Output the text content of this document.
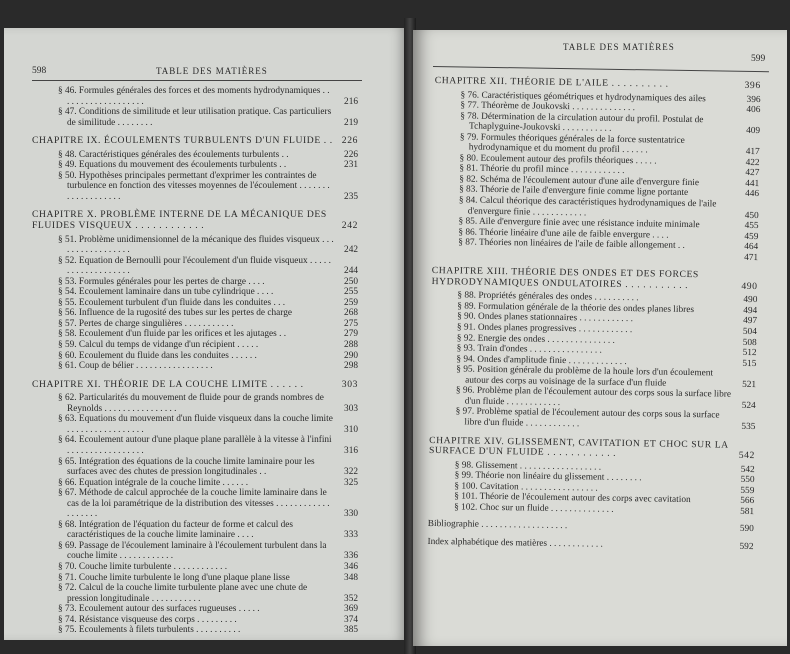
598	TABLE DES MATIÈRES
§ 46. Formules générales des forces et des moments hydrodynamiques . . . . . . . . . . . . . . . . . . .	216
§ 47. Conditions de similitude et leur utilisation pratique. Cas particuliers de similitude . . . . . . . .	219
CHAPITRE IX. ÉCOULEMENTS TURBULENTS D'UN FLUIDE . . 226
§ 48. Caractéristiques générales des écoulements turbulents . .	226
§ 49. Equations du mouvement des écoulements turbulents . .	231
§ 50. Hypothèses principales permettant d'exprimer les contraintes de turbulence en fonction des vitesses moyennes de l'écoulement . . . . . . . . . . . . . . . . . . .	235
CHAPITRE X. PROBLÈME INTERNE DE LA MÉCANIQUE DES FLUIDES VISQUEUX . . . . . . . . . . . .	242
§ 51. Problème unidimensionnel de la mécanique des fluides visqueux . . . . . . . . . . . . . . . . .	242
§ 52. Equation de Bernoulli pour l'écoulement d'un fluide visqueux . . . . . . . . . . . . . . . . . . .	244
§ 53. Formules générales pour les pertes de charge . . . .	250
§ 54. Ecoulement laminaire dans un tube cylindrique . . . .	255
§ 55. Ecoulement turbulent d'un fluide dans les conduites . . .	259
§ 56. Influence de la rugosité des tubes sur les pertes de charge	268
§ 57. Pertes de charge singulières . . . . . . . . . . .	275
§ 58. Ecoulement d'un fluide par les orifices et les ajutages . .	279
§ 59. Calcul du temps de vidange d'un récipient . . . . .	288
§ 60. Ecoulement du fluide dans les conduites . . . . . .	290
§ 61. Coup de bélier . . . . . . . . . . . . . . . . .	298
CHAPITRE XI. THÉORIE DE LA COUCHE LIMITE . . . . . .	303
§ 62. Particularités du mouvement de fluide pour de grands nombres de Reynolds . . . . . . . . . . . . . . . .	303
§ 63. Equations du mouvement d'un fluide visqueux dans la couche limite . . . . . . . . . . . . . . . . .	310
§ 64. Ecoulement autour d'une plaque plane parallèle à la vitesse à l'infini . . . . . . . . . . . . . . . . .	316
§ 65. Intégration des équations de la couche limite laminaire pour les surfaces avec des chutes de pression longitudinales . .	322
§ 66. Equation intégrale de la couche limite . . . . . .	325
§ 67. Méthode de calcul approchée de la couche limite laminaire dans le cas de la loi paramétrique de la distribution des vitesses . . . . . . . . . . . . . . . . . . .	330
§ 68. Intégration de l'équation du facteur de forme et calcul des caractéristiques de la couche limite laminaire . . . .	333
§ 69. Passage de l'écoulement laminaire à l'écoulement turbulent dans la couche limite . . . . . . . . . . . .	336
§ 70. Couche limite turbulente . . . . . . . . . . . .	346
§ 71. Couche limite turbulente le long d'une plaque plane lisse	348
§ 72. Calcul de la couche limite turbulente plane avec une chute de pression longitudinale . . . . . . . . . . .	352
§ 73. Ecoulement autour des surfaces rugueuses . . . . .	369
§ 74. Résistance visqueuse des corps . . . . . . . . .	374
§ 75. Ecoulements à filets turbulents . . . . . . . . . .	385
TABLE DES MATIÈRES
599
CHAPITRE XII. THÉORIE DE L'AILE . . . . . . . . . .	396
§ 76. Caractéristiques géométriques et hydrodynamiques des ailes	396
§ 77. Théorème de Joukovski . . . . . . . . . . . . . .	406
§ 78. Détermination de la circulation autour du profil. Postulat de Tchaplyguine-Joukovski . . . . . . . . . . .	409
§ 79. Formules théoriques générales de la force sustentatrice hydrodynamique et du moment du profil . . . . . .	417
§ 80. Ecoulement autour des profils théoriques . . . . .	422
§ 81. Théorie du profil mince . . . . . . . . . . . .	427
§ 82. Schéma de l'écoulement autour d'une aile d'envergure finie	441
§ 83. Théorie de l'aile d'envergure finie comme ligne portante	446
§ 84. Calcul théorique des caractéristiques hydrodynamiques de l'aile d'envergure finie . . . . . . . . . . . .	450
§ 85. Aile d'envergure finie avec une résistance induite minimale	455
§ 86. Théorie linéaire d'une aile de faible envergure . . . .	459
§ 87. Théories non linéaires de l'aile de faible allongement . .	464
471
CHAPITRE XIII. THÉORIE DES ONDES ET DES FORCES HYDRODYNAMIQUES ONDULATOIRES . . . . . . . . . . .	490
§ 88. Propriétés générales des ondes . . . . . . . . . .	490
§ 89. Formulation générale de la théorie des ondes planes libres	494
§ 90. Ondes planes stationnaires . . . . . . . . . . . .	497
§ 91. Ondes planes progressives . . . . . . . . . . . .	504
§ 92. Energie des ondes . . . . . . . . . . . . . . .	508
§ 93. Train d'ondes . . . . . . . . . . . . . . . .	512
§ 94. Ondes d'amplitude finie . . . . . . . . . . . . .	515
§ 95. Position générale du problème de la houle lors d'un écoulement autour des corps au voisinage de la surface d'un fluide	521
§ 96. Problème plan de l'écoulement autour des corps sous la surface libre d'un fluide . . . . . . . . . . . .	524
§ 97. Problème spatial de l'écoulement autour des corps sous la surface libre d'un fluide . . . . . . . . . . . .	535
CHAPITRE XIV. GLISSEMENT, CAVITATION ET CHOC SUR LA SURFACE D'UN FLUIDE . . . . . . . . . . . .	542
§ 98. Glissement . . . . . . . . . . . . . . . . . .	542
§ 99. Théorie non linéaire du glissement . . . . . . . .	550
§ 100. Cavitation . . . . . . . . . . . . . . . . .	559
§ 101. Théorie de l'écoulement autour des corps avec cavitation	566
§ 102. Choc sur un fluide . . . . . . . . . . . . . .	581
Bibliographie . . . . . . . . . . . . . . . . . . .	590
Index alphabétique des matières . . . . . . . . . . . .	592
